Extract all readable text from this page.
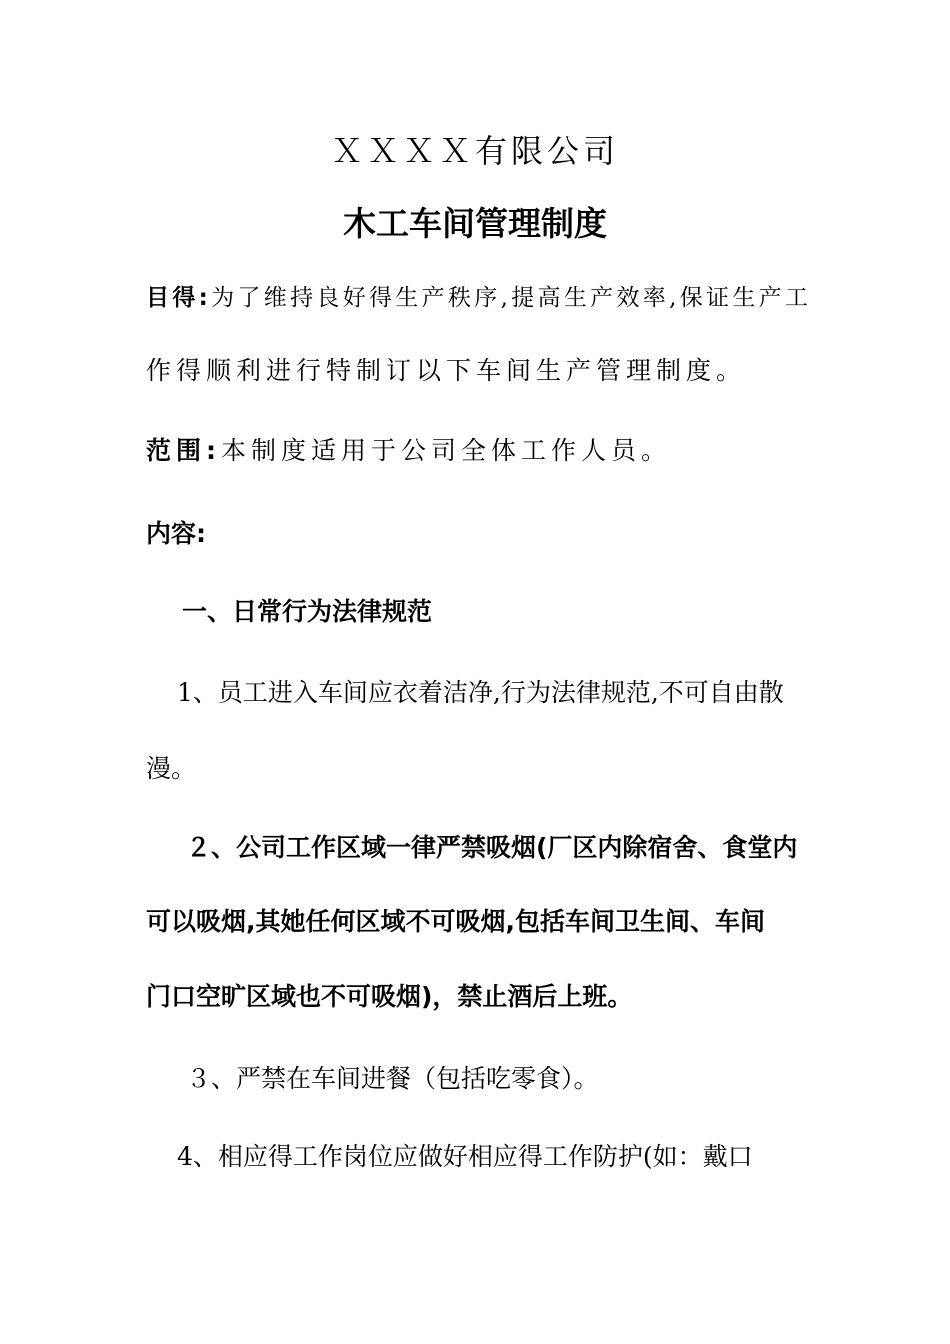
ＸＸＸＸ有限公司
木工车间管理制度
目得:为了维持良好得生产秩序,提高生产效率,保证生产工
作得顺利进行特制订以下车间生产管理制度。
范围:本制度适用于公司全体工作人员。
内容:
一、日常行为法律规范
1、员工进入车间应衣着洁净,行为法律规范,不可自由散
漫。
２、公司工作区域一律严禁吸烟(厂区内除宿舍、食堂内
可以吸烟,其她任何区域不可吸烟,包括车间卫生间、车间
门口空旷区域也不可吸烟)，禁止酒后上班。
３、严禁在车间进餐（包括吃零食）。
4、相应得工作岗位应做好相应得工作防护(如：戴口
